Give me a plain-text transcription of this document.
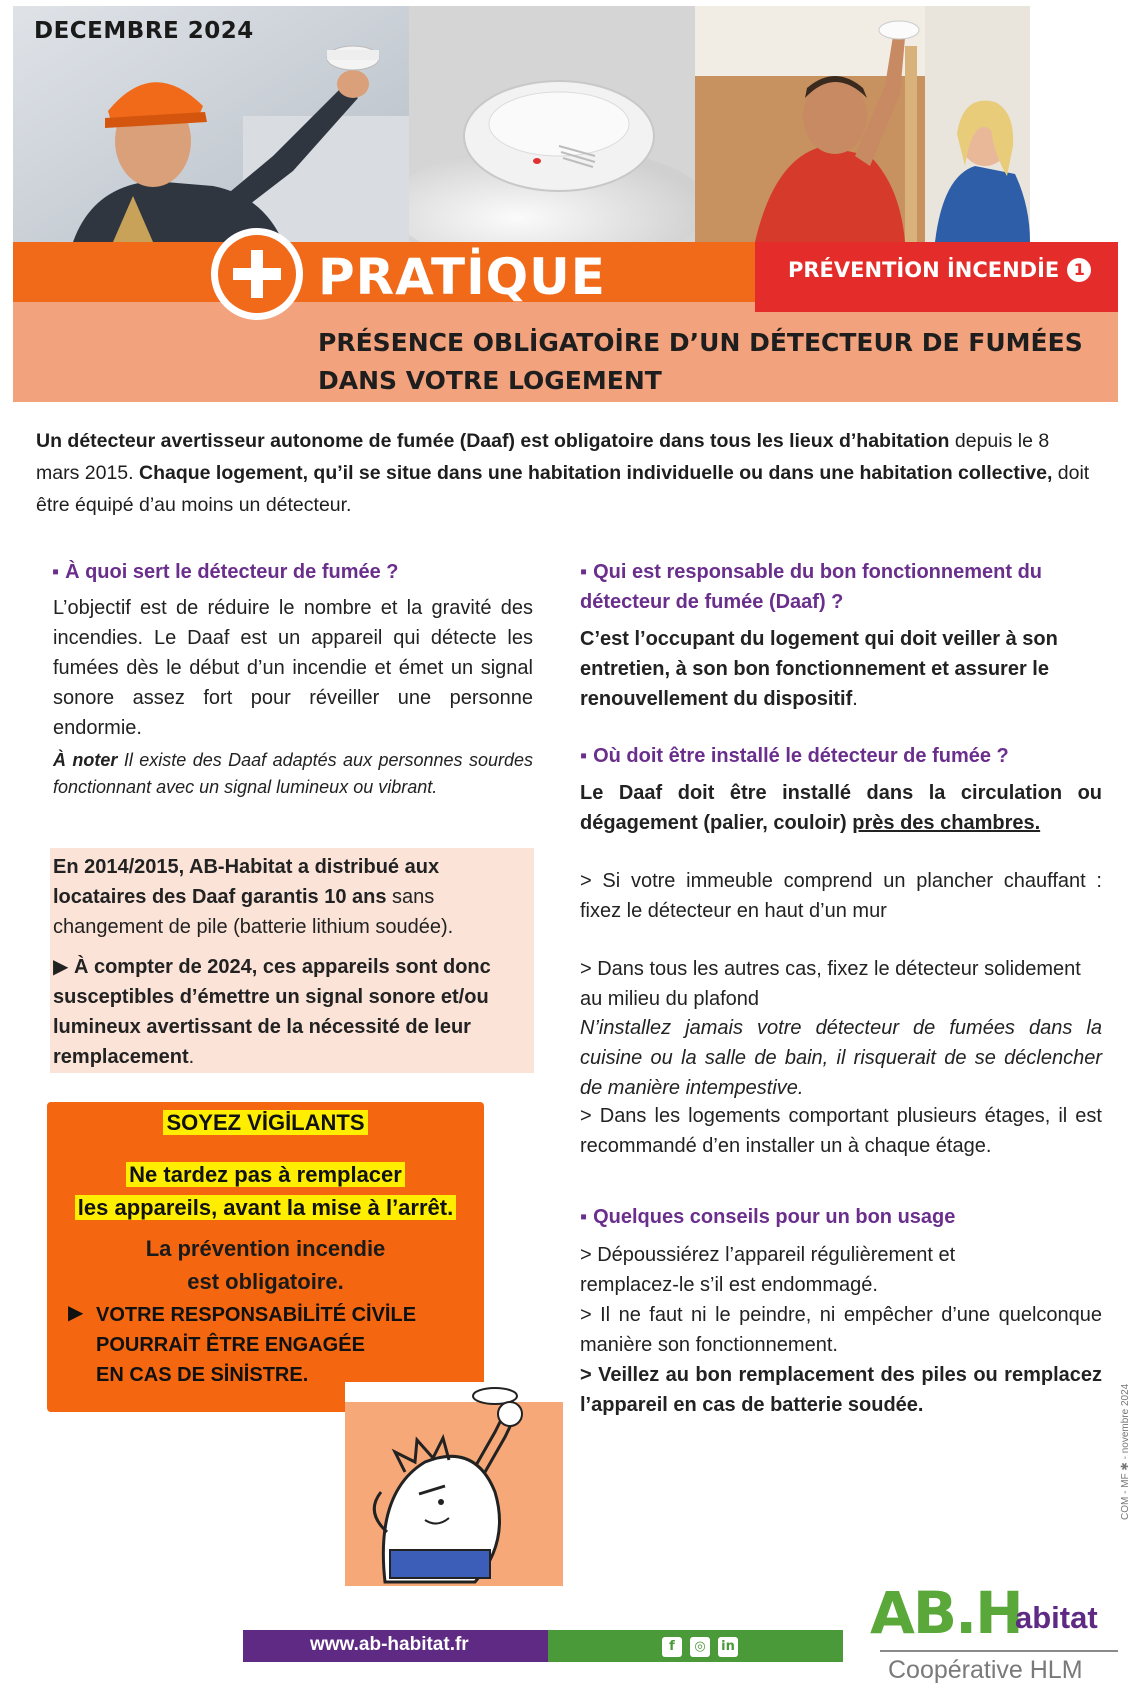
DECEMBRE 2024
PRATİQUE	PRÉVENTİON İNCENDİE 1
PRÉSENCE OBLİGATOİRE D’UN DÉTECTEUR DE FUMÉES
DANS VOTRE LOGEMENT
Un détecteur avertisseur autonome de fumée (Daaf) est obligatoire dans tous les lieux d’habitation depuis le 8 mars 2015. Chaque logement, qu’il se situe dans une habitation individuelle ou dans une habitation collective, doit être équipé d’au moins un détecteur.
▪ À quoi sert le détecteur de fumée ?
L’objectif est de réduire le nombre et la gravité des incendies. Le Daaf est un appareil qui détecte les fumées dès le début d’un incendie et émet un signal sonore assez fort pour réveiller une personne endormie.
À noter Il existe des Daaf adaptés aux personnes sourdes fonctionnant avec un signal lumineux ou vibrant.
En 2014/2015, AB-Habitat a distribué aux locataires des Daaf garantis 10 ans sans changement de pile (batterie lithium soudée).
▶ À compter de 2024, ces appareils sont donc susceptibles d’émettre un signal sonore et/ou lumineux avertissant de la nécessité de leur remplacement.
SOYEZ VİGİLANTS
Ne tardez pas à remplacer
les appareils, avant la mise à l’arrêt.
La prévention incendie
est obligatoire.
▶ VOTRE RESPONSABİLİTÉ CİVİLE
POURRAİT ÊTRE ENGAGÉE
EN CAS DE SİNİSTRE.
▪ Qui est responsable du bon fonctionnement du détecteur de fumée (Daaf) ?
C’est l’occupant du logement qui doit veiller à son entretien, à son bon fonctionnement et assurer le renouvellement du dispositif.
▪ Où doit être installé le détecteur de fumée ?
Le Daaf doit être installé dans la circulation ou dégagement (palier, couloir) près des chambres.
> Si votre immeuble comprend un plancher chauffant : fixez le détecteur en haut d’un mur
> Dans tous les autres cas, fixez le détecteur solidement au milieu du plafond
N’installez jamais votre détecteur de fumées dans la cuisine ou la salle de bain, il risquerait de se déclencher de manière intempestive.
> Dans les logements comportant plusieurs étages, il est recommandé d’en installer un à chaque étage.
▪ Quelques conseils pour un bon usage
> Dépoussiérez l’appareil régulièrement et remplacez-le s’il est endommagé.
> Il ne faut ni le peindre, ni empêcher d’une quelconque manière son fonctionnement.
> Veillez au bon remplacement des piles ou remplacez l’appareil en cas de batterie soudée.
www.ab-habitat.fr	f	◎	in AB.H
abitat
Coopérative HLM
COM - MF ✱ - novembre 2024
